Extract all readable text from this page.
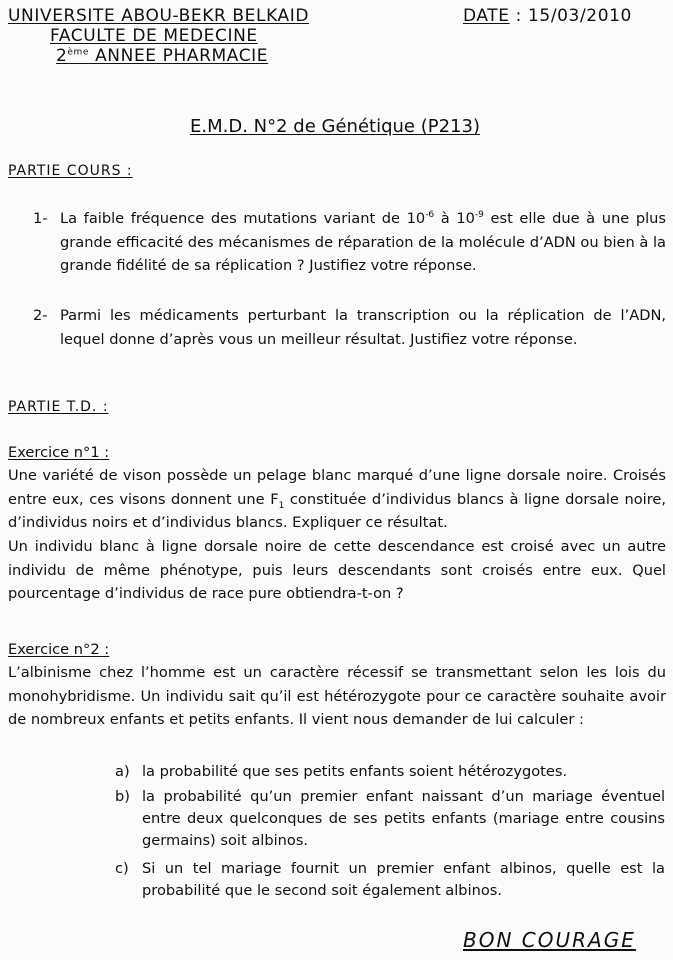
UNIVERSITE ABOU-BEKR BELKAID
FACULTE DE MEDECINE
2ème ANNEE PHARMACIE
DATE : 15/03/2010
E.M.D. N°2 de Génétique (P213)
PARTIE COURS :
1- La faible fréquence des mutations variant de $10^{-6}$ à $10^{-9}$ est elle due à une plus grande efficacité des mécanismes de réparation de la molécule d’ADN ou bien à la grande fidélité de sa réplication ? Justifiez votre réponse.
2- Parmi les médicaments perturbant la transcription ou la réplication de l’ADN, lequel donne d’après vous un meilleur résultat. Justifiez votre réponse.
PARTIE T.D. :
Exercice n°1 :
Une variété de vison possède un pelage blanc marqué d’une ligne dorsale noire. Croisés entre eux, ces visons donnent une $F_1$ constituée d’individus blancs à ligne dorsale noire, d’individus noirs et d’individus blancs. Expliquer ce résultat.
Un individu blanc à ligne dorsale noire de cette descendance est croisé avec un autre individu de même phénotype, puis leurs descendants sont croisés entre eux. Quel pourcentage d’individus de race pure obtiendra-t-on ?
Exercice n°2 :
L’albinisme chez l’homme est un caractère récessif se transmettant selon les lois du monohybridisme. Un individu sait qu’il est hétérozygote pour ce caractère souhaite avoir de nombreux enfants et petits enfants. Il vient nous demander de lui calculer :
a) la probabilité que ses petits enfants soient hétérozygotes.
b) la probabilité qu’un premier enfant naissant d’un mariage éventuel entre deux quelconques de ses petits enfants (mariage entre cousins germains) soit albinos.
c) Si un tel mariage fournit un premier enfant albinos, quelle est la probabilité que le second soit également albinos.
BON COURAGE
